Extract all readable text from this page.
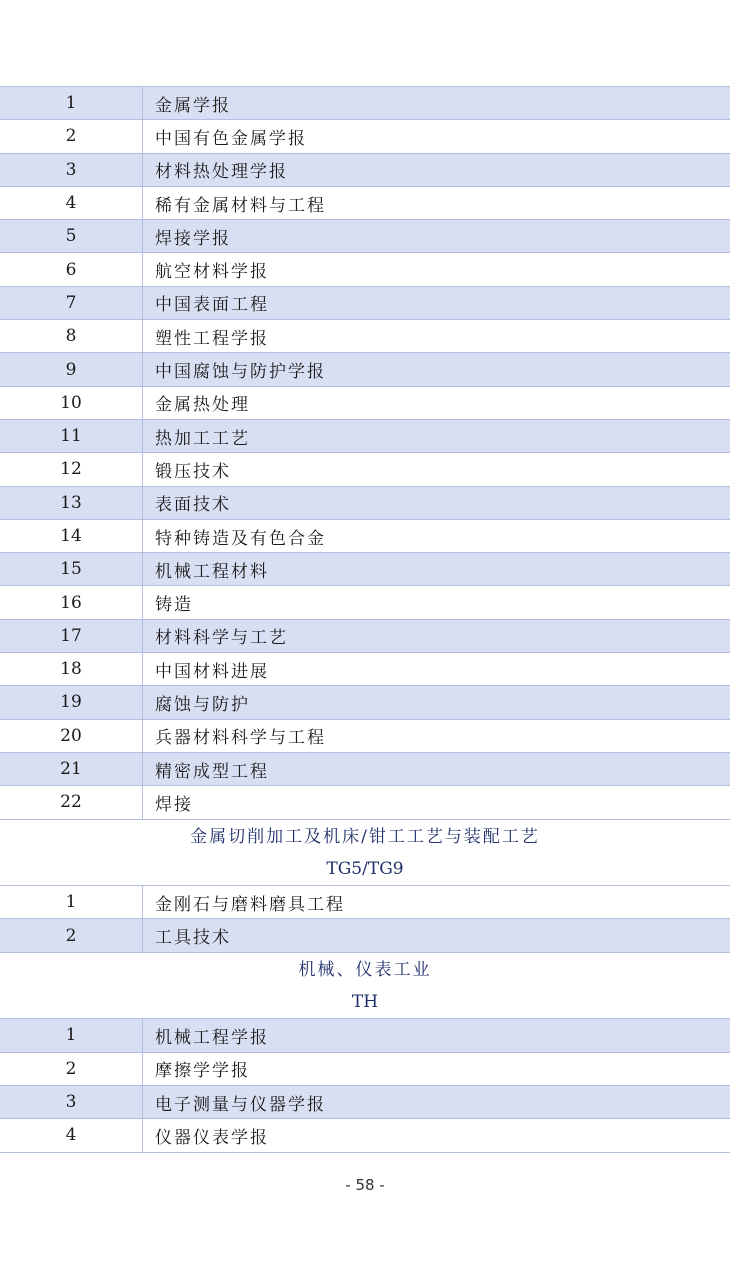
1	金属学报
2	中国有色金属学报
3	材料热处理学报
4	稀有金属材料与工程
5	焊接学报
6	航空材料学报
7	中国表面工程
8	塑性工程学报
9	中国腐蚀与防护学报
10	金属热处理
11	热加工工艺
12	锻压技术
13	表面技术
14	特种铸造及有色合金
15	机械工程材料
16	铸造
17	材料科学与工艺
18	中国材料进展
19	腐蚀与防护
20	兵器材料科学与工程
21	精密成型工程
22	焊接
金属切削加工及机床/钳工工艺与装配工艺
TG5/TG9
1	金刚石与磨料磨具工程
2	工具技术
机械、仪表工业
TH
1	机械工程学报
2	摩擦学学报
3	电子测量与仪器学报
4	仪器仪表学报
- 58 -
